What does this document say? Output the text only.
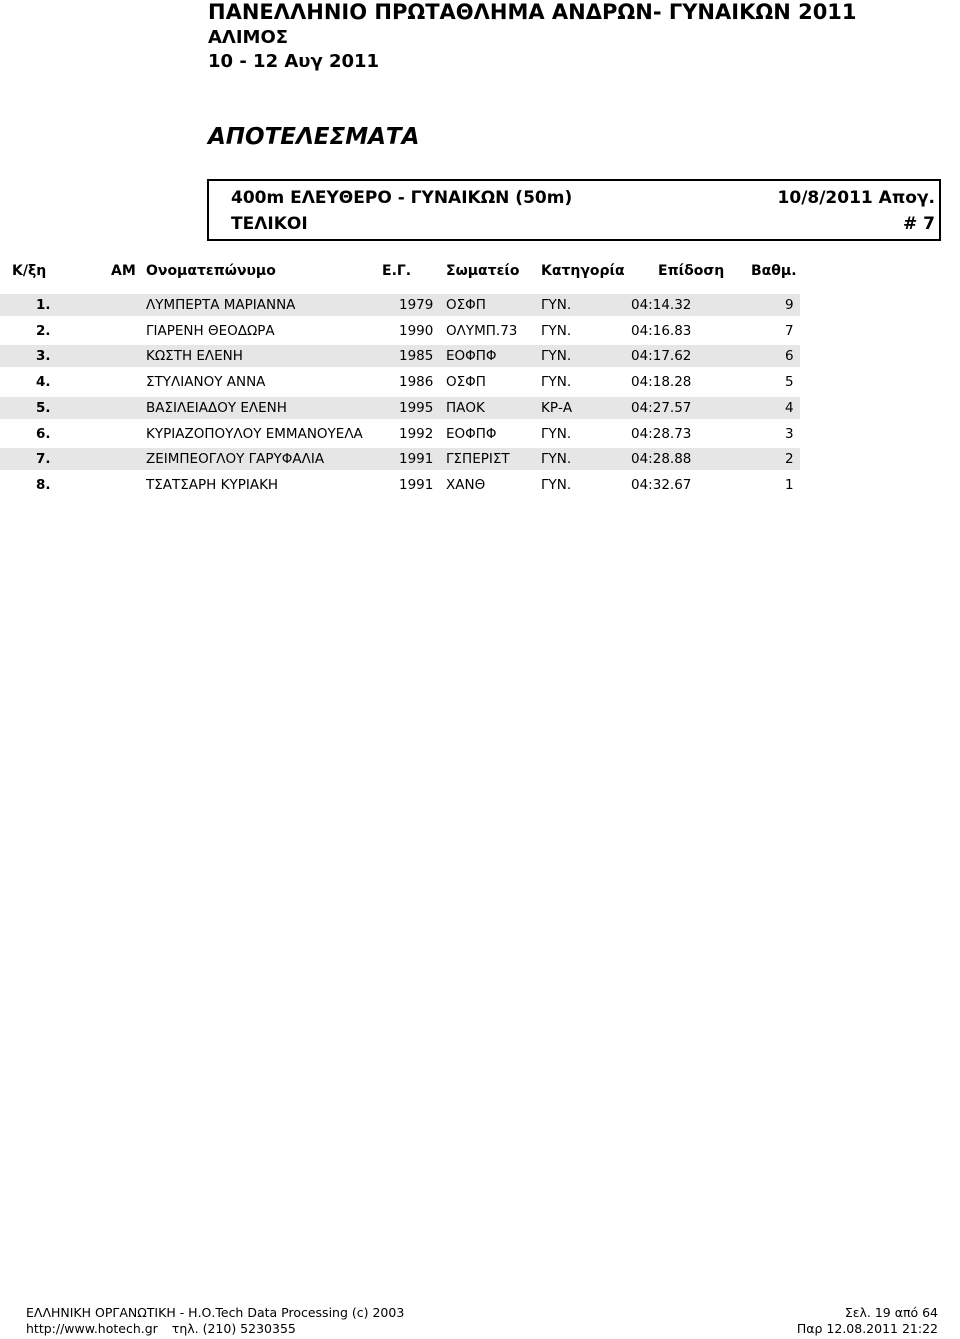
ΠΑΝΕΛΛΗΝΙΟ ΠΡΩΤΑΘΛΗΜΑ ΑΝΔΡΩΝ- ΓΥΝΑΙΚΩΝ 2011
ΑΛΙΜΟΣ
10 - 12 Αυγ 2011
ΑΠΟΤΕΛΕΣΜΑΤΑ
400m ΕΛΕΥΘΕΡΟ - ΓΥΝΑΙΚΩΝ (50m)	10/8/2011 Απογ.
ΤΕΛΙΚΟΙ	# 7
Κ/ξη	ΑΜ Ονοματεπώνυμο	Ε.Γ. Σωματείο Κατηγορία Επίδοση Βαθμ.
1.	ΛΥΜΠΕΡΤΑ ΜΑΡΙΑΝΝΑ	1979 ΟΣΦΠ	ΓΥΝ.	04:14.32	9
2.	ΓΙΑΡΕΝΗ ΘΕΟΔΩΡΑ	1990 ΟΛΥΜΠ.73 ΓΥΝ.	04:16.83	7
3.	ΚΩΣΤΗ ΕΛΕΝΗ	1985 ΕΟΦΠΦ	ΓΥΝ.	04:17.62	6
4.	ΣΤΥΛΙΑΝΟΥ ΑΝΝΑ	1986 ΟΣΦΠ	ΓΥΝ.	04:18.28	5
5.	ΒΑΣΙΛΕΙΑΔΟΥ ΕΛΕΝΗ	1995 ΠΑΟΚ	ΚΡ-Α	04:27.57	4
6.	ΚΥΡΙΑΖΟΠΟΥΛΟΥ ΕΜΜΑΝΟΥΕΛΑ	1992 ΕΟΦΠΦ	ΓΥΝ.	04:28.73	3
7.	ΖΕΙΜΠΕΟΓΛΟΥ ΓΑΡΥΦΑΛΙΑ	1991 ΓΣΠΕΡΙΣΤ ΓΥΝ.	04:28.88	2
8.	ΤΣΑΤΣΑΡΗ ΚΥΡΙΑΚΗ	1991 ΧΑΝΘ	ΓΥΝ.	04:32.67	1
ΕΛΛΗΝΙΚΗ ΟΡΓΑΝΩΤΙΚΗ - Η.Ο.Tech Data Processing (c) 2003
http://www.hotech.gr τηλ. (210) 5230355
Σελ. 19 από 64
Παρ 12.08.2011 21:22
